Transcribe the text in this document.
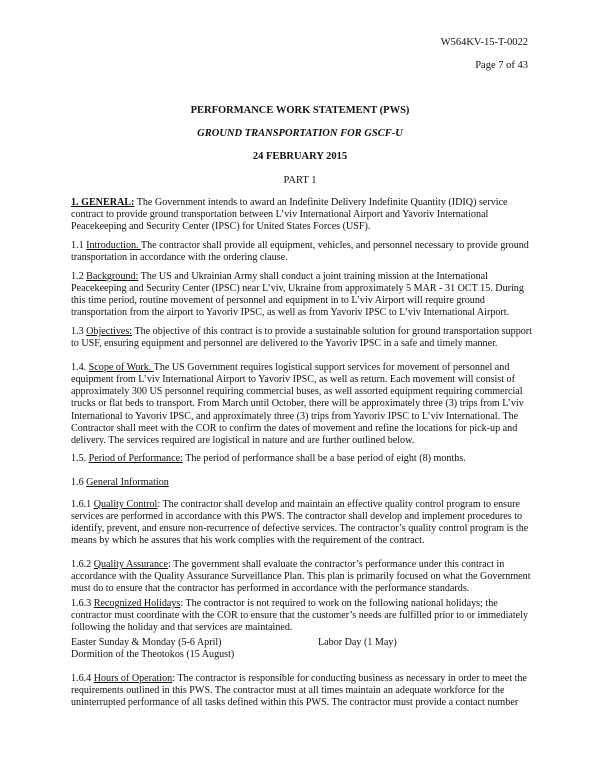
W564KV-15-T-0022
Page 7 of 43
PERFORMANCE WORK STATEMENT (PWS)
GROUND TRANSPORTATION FOR GSCF-U
24 FEBRUARY 2015
PART 1
1. GENERAL: The Government intends to award an Indefinite Delivery Indefinite Quantity (IDIQ) service contract to provide ground transportation between L’viv International Airport and Yavoriv International Peacekeeping and Security Center (IPSC) for United States Forces (USF).
1.1 Introduction. The contractor shall provide all equipment, vehicles, and personnel necessary to provide ground transportation in accordance with the ordering clause.
1.2 Background: The US and Ukrainian Army shall conduct a joint training mission at the International Peacekeeping and Security Center (IPSC) near L’viv, Ukraine from approximately 5 MAR - 31 OCT 15. During this time period, routine movement of personnel and equipment in to L’viv Airport will require ground transportation from the airport to Yavoriv IPSC, as well as from Yavoriv IPSC to L’viv International Airport.
1.3 Objectives: The objective of this contract is to provide a sustainable solution for ground transportation support to USF, ensuring equipment and personnel are delivered to the Yavoriv IPSC in a safe and timely manner.
1.4. Scope of Work. The US Government requires logistical support services for movement of personnel and equipment from L’viv International Airport to Yavoriv IPSC, as well as return. Each movement will consist of approximately 300 US personnel requiring commercial buses, as well assorted equipment requiring commercial trucks or flat beds to transport. From March until October, there will be approximately three (3) trips from L’viv International to Yavoriv IPSC, and approximately three (3) trips from Yavoriv IPSC to L’viv International. The Contractor shall meet with the COR to confirm the dates of movement and refine the locations for pick-up and delivery. The services required are logistical in nature and are further outlined below.
1.5. Period of Performance: The period of performance shall be a base period of eight (8) months.
1.6 General Information
1.6.1 Quality Control: The contractor shall develop and maintain an effective quality control program to ensure services are performed in accordance with this PWS. The contractor shall develop and implement procedures to identify, prevent, and ensure non-recurrence of defective services. The contractor’s quality control program is the means by which he assures that his work complies with the requirement of the contract.
1.6.2 Quality Assurance: The government shall evaluate the contractor’s performance under this contract in accordance with the Quality Assurance Surveillance Plan. This plan is primarily focused on what the Government must do to ensure that the contractor has performed in accordance with the performance standards.
1.6.3 Recognized Holidays: The contractor is not required to work on the following national holidays; the contractor must coordinate with the COR to ensure that the customer’s needs are fulfilled prior to or immediately following the holiday and that services are maintained.
Easter Sunday & Monday (5-6 April)	Labor Day (1 May)
Dormition of the Theotokos (15 August)
1.6.4 Hours of Operation: The contractor is responsible for conducting business as necessary in order to meet the requirements outlined in this PWS. The contractor must at all times maintain an adequate workforce for the uninterrupted performance of all tasks defined within this PWS. The contractor must provide a contact number
